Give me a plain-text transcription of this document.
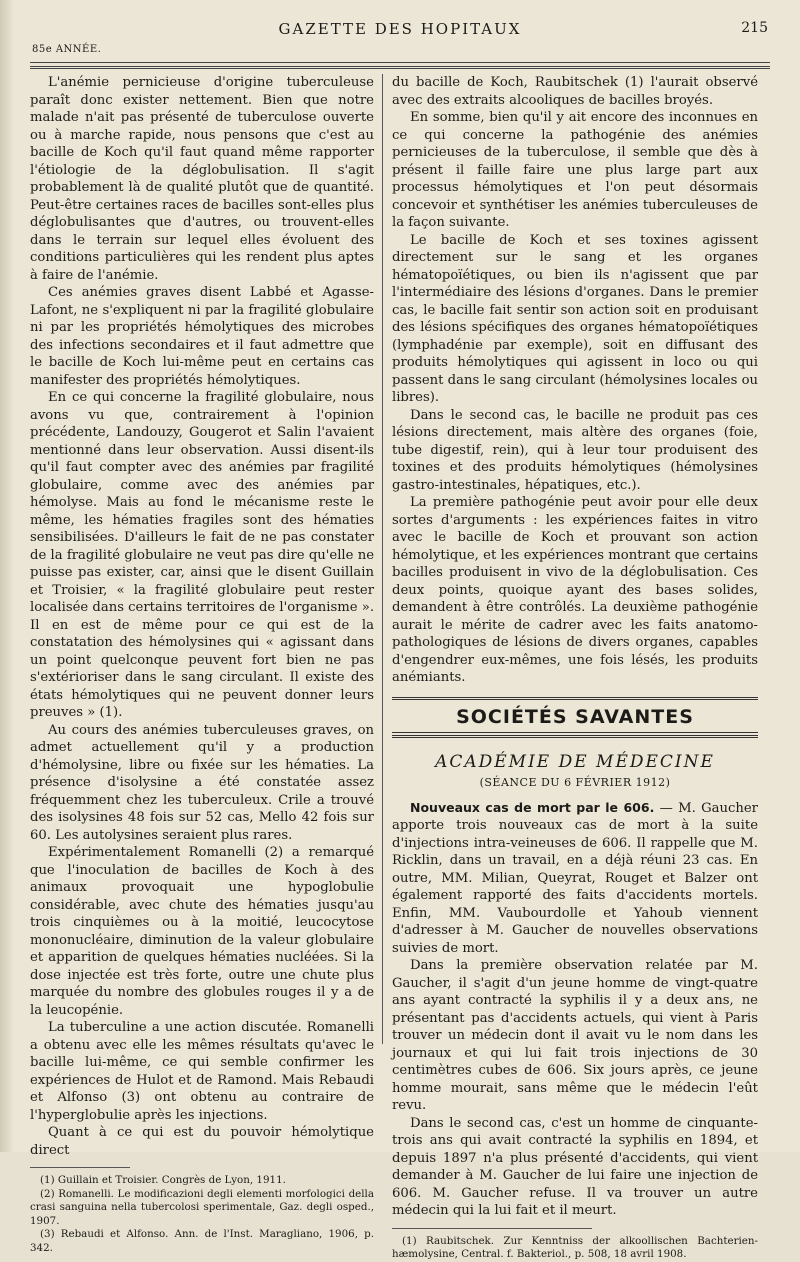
GAZETTE DES HOPITAUX	215
85e ANNÉE.

L'anémie pernicieuse d'origine tuberculeuse paraît donc exister nettement. Bien que notre malade n'ait pas présenté de tuberculose ouverte ou à marche rapide, nous pensons que c'est au bacille de Koch qu'il faut quand même rapporter l'étiologie de la déglobulisation. Il s'agit probablement là de qualité plutôt que de quantité. Peut-être certaines races de bacilles sont-elles plus déglobulisantes que d'autres, ou trouvent-elles dans le terrain sur lequel elles évoluent des conditions particulières qui les rendent plus aptes à faire de l'anémie.

Ces anémies graves disent Labbé et Agasse-Lafont, ne s'expliquent ni par la fragilité globulaire ni par les propriétés hémolytiques des microbes des infections secondaires et il faut admettre que le bacille de Koch lui-même peut en certains cas manifester des propriétés hémolytiques.

En ce qui concerne la fragilité globulaire, nous avons vu que, contrairement à l'opinion précédente, Landouzy, Gougerot et Salin l'avaient mentionné dans leur observation. Aussi disent-ils qu'il faut compter avec des anémies par fragilité globulaire, comme avec des anémies par hémolyse. Mais au fond le mécanisme reste le même, les hématies fragiles sont des hématies sensibilisées. D'ailleurs le fait de ne pas constater de la fragilité globulaire ne veut pas dire qu'elle ne puisse pas exister, car, ainsi que le disent Guillain et Troisier, « la fragilité globulaire peut rester localisée dans certains territoires de l'organisme ». Il en est de même pour ce qui est de la constatation des hémolysines qui « agissant dans un point quelconque peuvent fort bien ne pas s'extérioriser dans le sang circulant. Il existe des états hémolytiques qui ne peuvent donner leurs preuves » (1).

Au cours des anémies tuberculeuses graves, on admet actuellement qu'il y a production d'hémolysine, libre ou fixée sur les hématies. La présence d'isolysine a été constatée assez fréquemment chez les tuberculeux. Crile a trouvé des isolysines 48 fois sur 52 cas, Mello 42 fois sur 60. Les autolysines seraient plus rares.

Expérimentalement Romanelli (2) a remarqué que l'inoculation de bacilles de Koch à des animaux provoquait une hypoglobulie considérable, avec chute des hématies jusqu'au trois cinquièmes ou à la moitié, leucocytose mononucléaire, diminution de la valeur globulaire et apparition de quelques hématies nucléées. Si la dose injectée est très forte, outre une chute plus marquée du nombre des globules rouges il y a de la leucopénie.

La tuberculine a une action discutée. Romanelli a obtenu avec elle les mêmes résultats qu'avec le bacille lui-même, ce qui semble confirmer les expériences de Hulot et de Ramond. Mais Rebaudi et Alfonso (3) ont obtenu au contraire de l'hyperglobulie après les injections.

Quant à ce qui est du pouvoir hémolytique direct

(1) Guillain et Troisier. Congrès de Lyon, 1911.

(2) Romanelli. Le modificazioni degli elementi morfologici della crasi sanguina nella tubercolosi sperimentale, Gaz. degli osped., 1907.

(3) Rebaudi et Alfonso. Ann. de l'Inst. Maragliano, 1906, p. 342.

du bacille de Koch, Raubitschek (1) l'aurait observé avec des extraits alcooliques de bacilles broyés.

En somme, bien qu'il y ait encore des inconnues en ce qui concerne la pathogénie des anémies pernicieuses de la tuberculose, il semble que dès à présent il faille faire une plus large part aux processus hémolytiques et l'on peut désormais concevoir et synthétiser les anémies tuberculeuses de la façon suivante.

Le bacille de Koch et ses toxines agissent directement sur le sang et les organes hématopoïétiques, ou bien ils n'agissent que par l'intermédiaire des lésions d'organes. Dans le premier cas, le bacille fait sentir son action soit en produisant des lésions spécifiques des organes hématopoïétiques (lymphadénie par exemple), soit en diffusant des produits hémolytiques qui agissent in loco ou qui passent dans le sang circulant (hémolysines locales ou libres).

Dans le second cas, le bacille ne produit pas ces lésions directement, mais altère des organes (foie, tube digestif, rein), qui à leur tour produisent des toxines et des produits hémolytiques (hémolysines gastro-intestinales, hépatiques, etc.).

La première pathogénie peut avoir pour elle deux sortes d'arguments : les expériences faites in vitro avec le bacille de Koch et prouvant son action hémolytique, et les expériences montrant que certains bacilles produisent in vivo de la déglobulisation. Ces deux points, quoique ayant des bases solides, demandent à être contrôlés. La deuxième pathogénie aurait le mérite de cadrer avec les faits anatomo-pathologiques de lésions de divers organes, capables d'engendrer eux-mêmes, une fois lésés, les produits anémiants.

SOCIÉTÉS SAVANTES
ACADÉMIE DE MÉDECINE
(SÉANCE DU 6 FÉVRIER 1912)

Nouveaux cas de mort par le 606. — M. Gaucher apporte trois nouveaux cas de mort à la suite d'injections intra-veineuses de 606. Il rappelle que M. Ricklin, dans un travail, en a déjà réuni 23 cas. En outre, MM. Milian, Queyrat, Rouget et Balzer ont également rapporté des faits d'accidents mortels. Enfin, MM. Vaubourdolle et Yahoub viennent d'adresser à M. Gaucher de nouvelles observations suivies de mort.

Dans la première observation relatée par M. Gaucher, il s'agit d'un jeune homme de vingt-quatre ans ayant contracté la syphilis il y a deux ans, ne présentant pas d'accidents actuels, qui vient à Paris trouver un médecin dont il avait vu le nom dans les journaux et qui lui fait trois injections de 30 centimètres cubes de 606. Six jours après, ce jeune homme mourait, sans même que le médecin l'eût revu.

Dans le second cas, c'est un homme de cinquante-trois ans qui avait contracté la syphilis en 1894, et depuis 1897 n'a plus présenté d'accidents, qui vient demander à M. Gaucher de lui faire une injection de 606. M. Gaucher refuse. Il va trouver un autre médecin qui la lui fait et il meurt.

(1) Raubitschek. Zur Kenntniss der alkoollischen Bachterien-hæmolysine, Central. f. Bakteriol., p. 508, 18 avril 1908.
